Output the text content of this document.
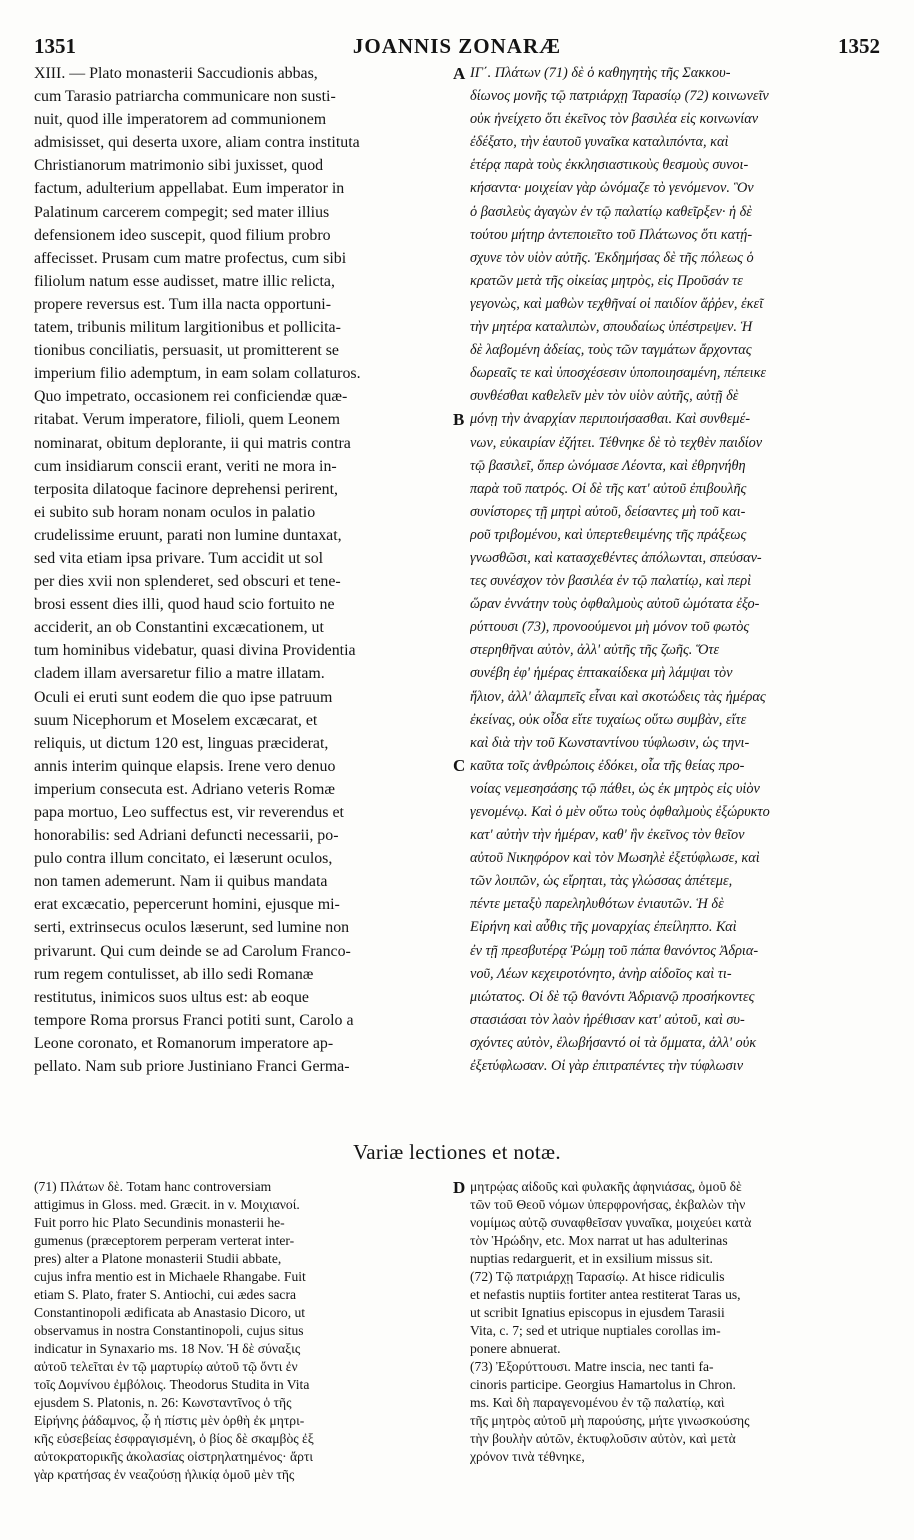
1351	JOANNIS ZONARÆ	1352
XIII. — Plato monasterii Saccudionis abbas,
cum Tarasio patriarcha communicare non susti-
nuit, quod ille imperatorem ad communionem
admisisset, qui deserta uxore, aliam contra instituta
Christianorum matrimonio sibi juxisset, quod
factum, adulterium appellabat. Eum imperator in
Palatinum carcerem compegit; sed mater illius
defensionem ideo suscepit, quod filium probro
affecisset. Prusam cum matre profectus, cum sibi
filiolum natum esse audisset, matre illic relicta,
propere reversus est. Tum illa nacta opportuni-
tatem, tribunis militum largitionibus et pollicita-
tionibus conciliatis, persuasit, ut promitterent se
imperium filio ademptum, in eam solam collaturos.
Quo impetrato, occasionem rei conficiendæ quæ-
ritabat. Verum imperatore, filioli, quem Leonem
nominarat, obitum deplorante, ii qui matris contra
cum insidiarum conscii erant, veriti ne mora in-
terposita dilatoque facinore deprehensi perirent,
ei subito sub horam nonam oculos in palatio
crudelissime eruunt, parati non lumine duntaxat,
sed vita etiam ipsa privare. Tum accidit ut sol
per dies xvii non splenderet, sed obscuri et tene-
brosi essent dies illi, quod haud scio fortuito ne
acciderit, an ob Constantini excæcationem, ut
tum hominibus videbatur, quasi divina Providentia
cladem illam aversaretur filio a matre illatam.
Oculi ei eruti sunt eodem die quo ipse patruum
suum Nicephorum et Moselem excæcarat, et
reliquis, ut dictum 120 est, linguas præciderat,
annis interim quinque elapsis. Irene vero denuo
imperium consecuta est. Adriano veteris Romæ
papa mortuo, Leo suffectus est, vir reverendus et
honorabilis: sed Adriani defuncti necessarii, po-
pulo contra illum concitato, ei læserunt oculos,
non tamen ademerunt. Nam ii quibus mandata
erat excæcatio, pepercerunt homini, ejusque mi-
serti, extrinsecus oculos læserunt, sed lumine non
privarunt. Qui cum deinde se ad Carolum Franco-
rum regem contulisset, ab illo sedi Romanæ
restitutus, inimicos suos ultus est: ab eoque
tempore Roma prorsus Franci potiti sunt, Carolo a
Leone coronato, et Romanorum imperatore ap-
pellato. Nam sub priore Justiniano Franci Germa-
ΙΓ΄. Πλάτων (71) δὲ ὁ καθηγητὴς τῆς Σακκου-
δίωνος μονῆς τῷ πατριάρχῃ Ταρασίῳ (72) κοινωνεῖν
οὐκ ἠνείχετο ὅτι ἐκεῖνος τὸν βασιλέα εἰς κοινωνίαν
ἐδέξατο, τὴν ἑαυτοῦ γυναῖκα καταλιπόντα, καὶ
ἑτέρᾳ παρὰ τοὺς ἐκκλησιαστικοὺς θεσμοὺς συνοι-
κήσαντα· μοιχείαν γὰρ ὠνόμαζε τὸ γενόμενον. Ὃν
ὁ βασιλεὺς ἀγαγὼν ἐν τῷ παλατίῳ καθεῖρξεν· ἡ δὲ
τούτου μήτηρ ἀντεποιεῖτο τοῦ Πλάτωνος ὅτι κατῄ-
σχυνε τὸν υἱὸν αὐτῆς. Ἐκδημήσας δὲ τῆς πόλεως ὁ
κρατῶν μετὰ τῆς οἰκείας μητρὸς, εἰς Προῦσάν τε
γεγονὼς, καὶ μαθὼν τεχθῆναί οἱ παιδίον ἄῤῥεν, ἐκεῖ
τὴν μητέρα καταλιπὼν, σπουδαίως ὑπέστρεψεν. Ἡ
δὲ λαβομένη ἀδείας, τοὺς τῶν ταγμάτων ἄρχοντας
δωρεαῖς τε καὶ ὑποσχέσεσιν ὑποποιησαμένη, πέπεικε
συνθέσθαι καθελεῖν μὲν τὸν υἱὸν αὐτῆς, αὐτῇ δὲ
μόνῃ τὴν ἀναρχίαν περιποιήσασθαι. Καὶ συνθεμέ-
νων, εὐκαιρίαν ἐζήτει. Τέθνηκε δὲ τὸ τεχθὲν παιδίον
τῷ βασιλεῖ, ὅπερ ὠνόμασε Λέοντα, καὶ ἐθρηνήθη
παρὰ τοῦ πατρός. Οἱ δὲ τῆς κατ' αὐτοῦ ἐπιβουλῆς
συνίστορες τῇ μητρὶ αὐτοῦ, δείσαντες μὴ τοῦ και-
ροῦ τριβομένου, καὶ ὑπερτεθειμένης τῆς πράξεως
γνωσθῶσι, καὶ κατασχεθέντες ἀπόλωνται, σπεύσαν-
τες συνέσχον τὸν βασιλέα ἐν τῷ παλατίῳ, καὶ περὶ
ὥραν ἐννάτην τοὺς ὀφθαλμοὺς αὐτοῦ ὠμότατα ἐξο-
ρύττουσι (73), προνοούμενοι μὴ μόνον τοῦ φωτὸς
στερηθῆναι αὐτὸν, ἀλλ' αὐτῆς τῆς ζωῆς. Ὅτε
συνέβη ἐφ' ἡμέρας ἑπτακαίδεκα μὴ λάμψαι τὸν
ἥλιον, ἀλλ' ἀλαμπεῖς εἶναι καὶ σκοτώδεις τὰς ἡμέρας
ἐκείνας, οὐκ οἶδα εἴτε τυχαίως οὕτω συμβὰν, εἴτε
καὶ διὰ τὴν τοῦ Κωνσταντίνου τύφλωσιν, ὡς τηνι-
καῦτα τοῖς ἀνθρώποις ἐδόκει, οἷα τῆς θείας προ-
νοίας νεμεσησάσης τῷ πάθει, ὡς ἐκ μητρὸς εἰς υἱὸν
γενομένῳ. Καὶ ὁ μὲν οὕτω τοὺς ὀφθαλμοὺς ἐξώρυκτο
κατ' αὐτὴν τὴν ἡμέραν, καθ' ἣν ἐκεῖνος τὸν θεῖον
αὐτοῦ Νικηφόρον καὶ τὸν Μωσηλὲ ἐξετύφλωσε, καὶ
τῶν λοιπῶν, ὡς εἴρηται, τὰς γλώσσας ἀπέτεμε,
πέντε μεταξὺ παρεληλυθότων ἐνιαυτῶν. Ἡ δὲ
Εἰρήνη καὶ αὖθις τῆς μοναρχίας ἐπείληπτο. Καὶ
ἐν τῇ πρεσβυτέρᾳ Ῥώμῃ τοῦ πάπα θανόντος Ἀδρια-
νοῦ, Λέων κεχειροτόνητο, ἀνὴρ αἰδοῖος καὶ τι-
μιώτατος. Οἱ δὲ τῷ θανόντι Ἀδριανῷ προσήκοντες
στασιάσαι τὸν λαὸν ἠρέθισαν κατ' αὐτοῦ, καὶ συ-
σχόντες αὐτὸν, ἐλωβήσαντό οἱ τὰ ὄμματα, ἀλλ' οὐκ
ἐξετύφλωσαν. Οἱ γὰρ ἐπιτραπέντες τὴν τύφλωσιν
A
B
C
D
Variæ lectiones et notæ.
(71) Πλάτων δὲ. Totam hanc controversiam
attigimus in Gloss. med. Græcit. in v. Μοιχιανοί.
Fuit porro hic Plato Secundinis monasterii he-
gumenus (præceptorem perperam verterat inter-
pres) alter a Platone monasterii Studii abbate,
cujus infra mentio est in Michaele Rhangabe. Fuit
etiam S. Plato, frater S. Antiochi, cui ædes sacra
Constantinopoli ædificata ab Anastasio Dicoro, ut
observamus in nostra Constantinopoli, cujus situs
indicatur in Synaxario ms. 18 Nov. Ἡ δὲ σύναξις
αὐτοῦ τελεῖται ἐν τῷ μαρτυρίῳ αὐτοῦ τῷ ὄντι ἐν
τοῖς Δομνίνου ἐμβόλοις. Theodorus Studita in Vita
ejusdem S. Platonis, n. 26: Κωνσταντῖνος ὁ τῆς
Εἰρήνης ῥάδαμνος, ᾧ ἡ πίστις μὲν ὀρθὴ ἐκ μητρι-
κῆς εὐσεβείας ἐσφραγισμένη, ὁ βίος δὲ σκαμβὸς ἐξ
αὐτοκρατορικῆς ἀκολασίας οἰστρηλατημένος· ἄρτι
γὰρ κρατήσας ἐν νεαζούσῃ ἡλικίᾳ ὁμοῦ μὲν τῆς
μητρῴας αἰδοῦς καὶ φυλακῆς ἀφηνιάσας, ὁμοῦ δὲ
τῶν τοῦ Θεοῦ νόμων ὑπερφρονήσας, ἐκβαλὼν τὴν
νομίμως αὐτῷ συναφθεῖσαν γυναῖκα, μοιχεύει κατὰ
τὸν Ἡρώδην, etc. Mox narrat ut has adulterinas
nuptias redarguerit, et in exsilium missus sit.
(72) Τῷ πατριάρχῃ Ταρασίῳ. At hisce ridiculis
et nefastis nuptiis fortiter antea restiterat Taras us,
ut scribit Ignatius episcopus in ejusdem Tarasii
Vita, c. 7; sed et utrique nuptiales corollas im-
ponere abnuerat.
(73) Ἐξορύττουσι. Matre inscia, nec tanti fa-
cinoris participe. Georgius Hamartolus in Chron.
ms. Καὶ δὴ παραγενομένου ἐν τῷ παλατίῳ, καὶ
τῆς μητρὸς αὐτοῦ μὴ παρούσης, μήτε γινωσκούσης
τὴν βουλὴν αὐτῶν, ἐκτυφλοῦσιν αὐτὸν, καὶ μετὰ
χρόνον τινὰ τέθνηκε,
